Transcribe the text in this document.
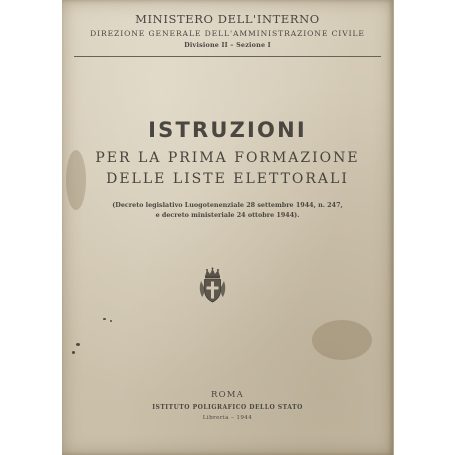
MINISTERO DELL'INTERNO
DIREZIONE GENERALE DELL'AMMINISTRAZIONE CIVILE
Divisione II – Sezione I
ISTRUZIONI
PER LA PRIMA FORMAZIONE
DELLE LISTE ELETTORALI
(Decreto legislativo Luogotenenziale 28 settembre 1944, n. 247,
e decreto ministeriale 24 ottobre 1944).
ROMA
ISTITUTO POLIGRAFICO DELLO STATO
Libreria – 1944
